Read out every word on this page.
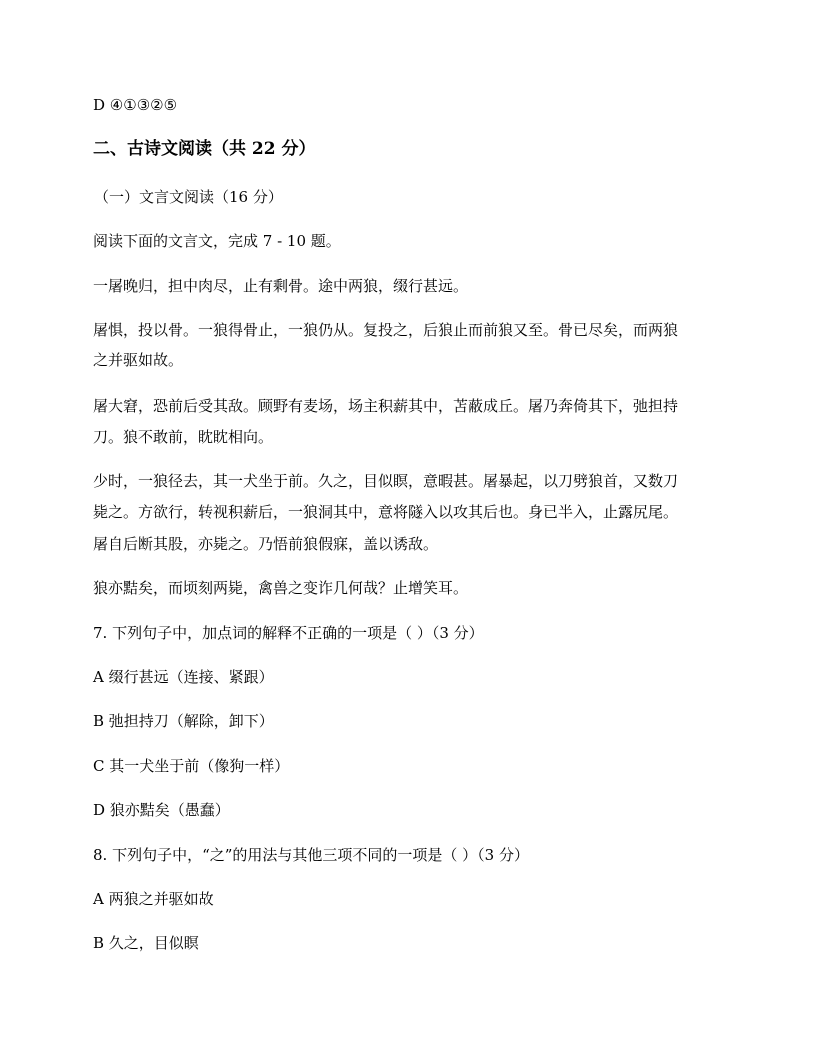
D ④①③②⑤
二、古诗文阅读（共 22 分）
（一）文言文阅读（16 分）
阅读下面的文言文，完成 7 - 10 题。
一屠晚归，担中肉尽，止有剩骨。途中两狼，缀行甚远。
屠惧，投以骨。一狼得骨止，一狼仍从。复投之，后狼止而前狼又至。骨已尽矣，而两狼
之并驱如故。
屠大窘，恐前后受其敌。顾野有麦场，场主积薪其中，苫蔽成丘。屠乃奔倚其下，弛担持
刀。狼不敢前，眈眈相向。
少时，一狼径去，其一犬坐于前。久之，目似瞑，意暇甚。屠暴起，以刀劈狼首，又数刀
毙之。方欲行，转视积薪后，一狼洞其中，意将隧入以攻其后也。身已半入，止露尻尾。
屠自后断其股，亦毙之。乃悟前狼假寐，盖以诱敌。
狼亦黠矣，而顷刻两毙，禽兽之变诈几何哉？止增笑耳。
7. 下列句子中，加点词的解释不正确的一项是（ ）（3 分）
A 缀行甚远（连接、紧跟）
B 弛担持刀（解除，卸下）
C 其一犬坐于前（像狗一样）
D 狼亦黠矣（愚蠢）
8. 下列句子中，“之”的用法与其他三项不同的一项是（ ）（3 分）
A 两狼之并驱如故
B 久之，目似瞑
